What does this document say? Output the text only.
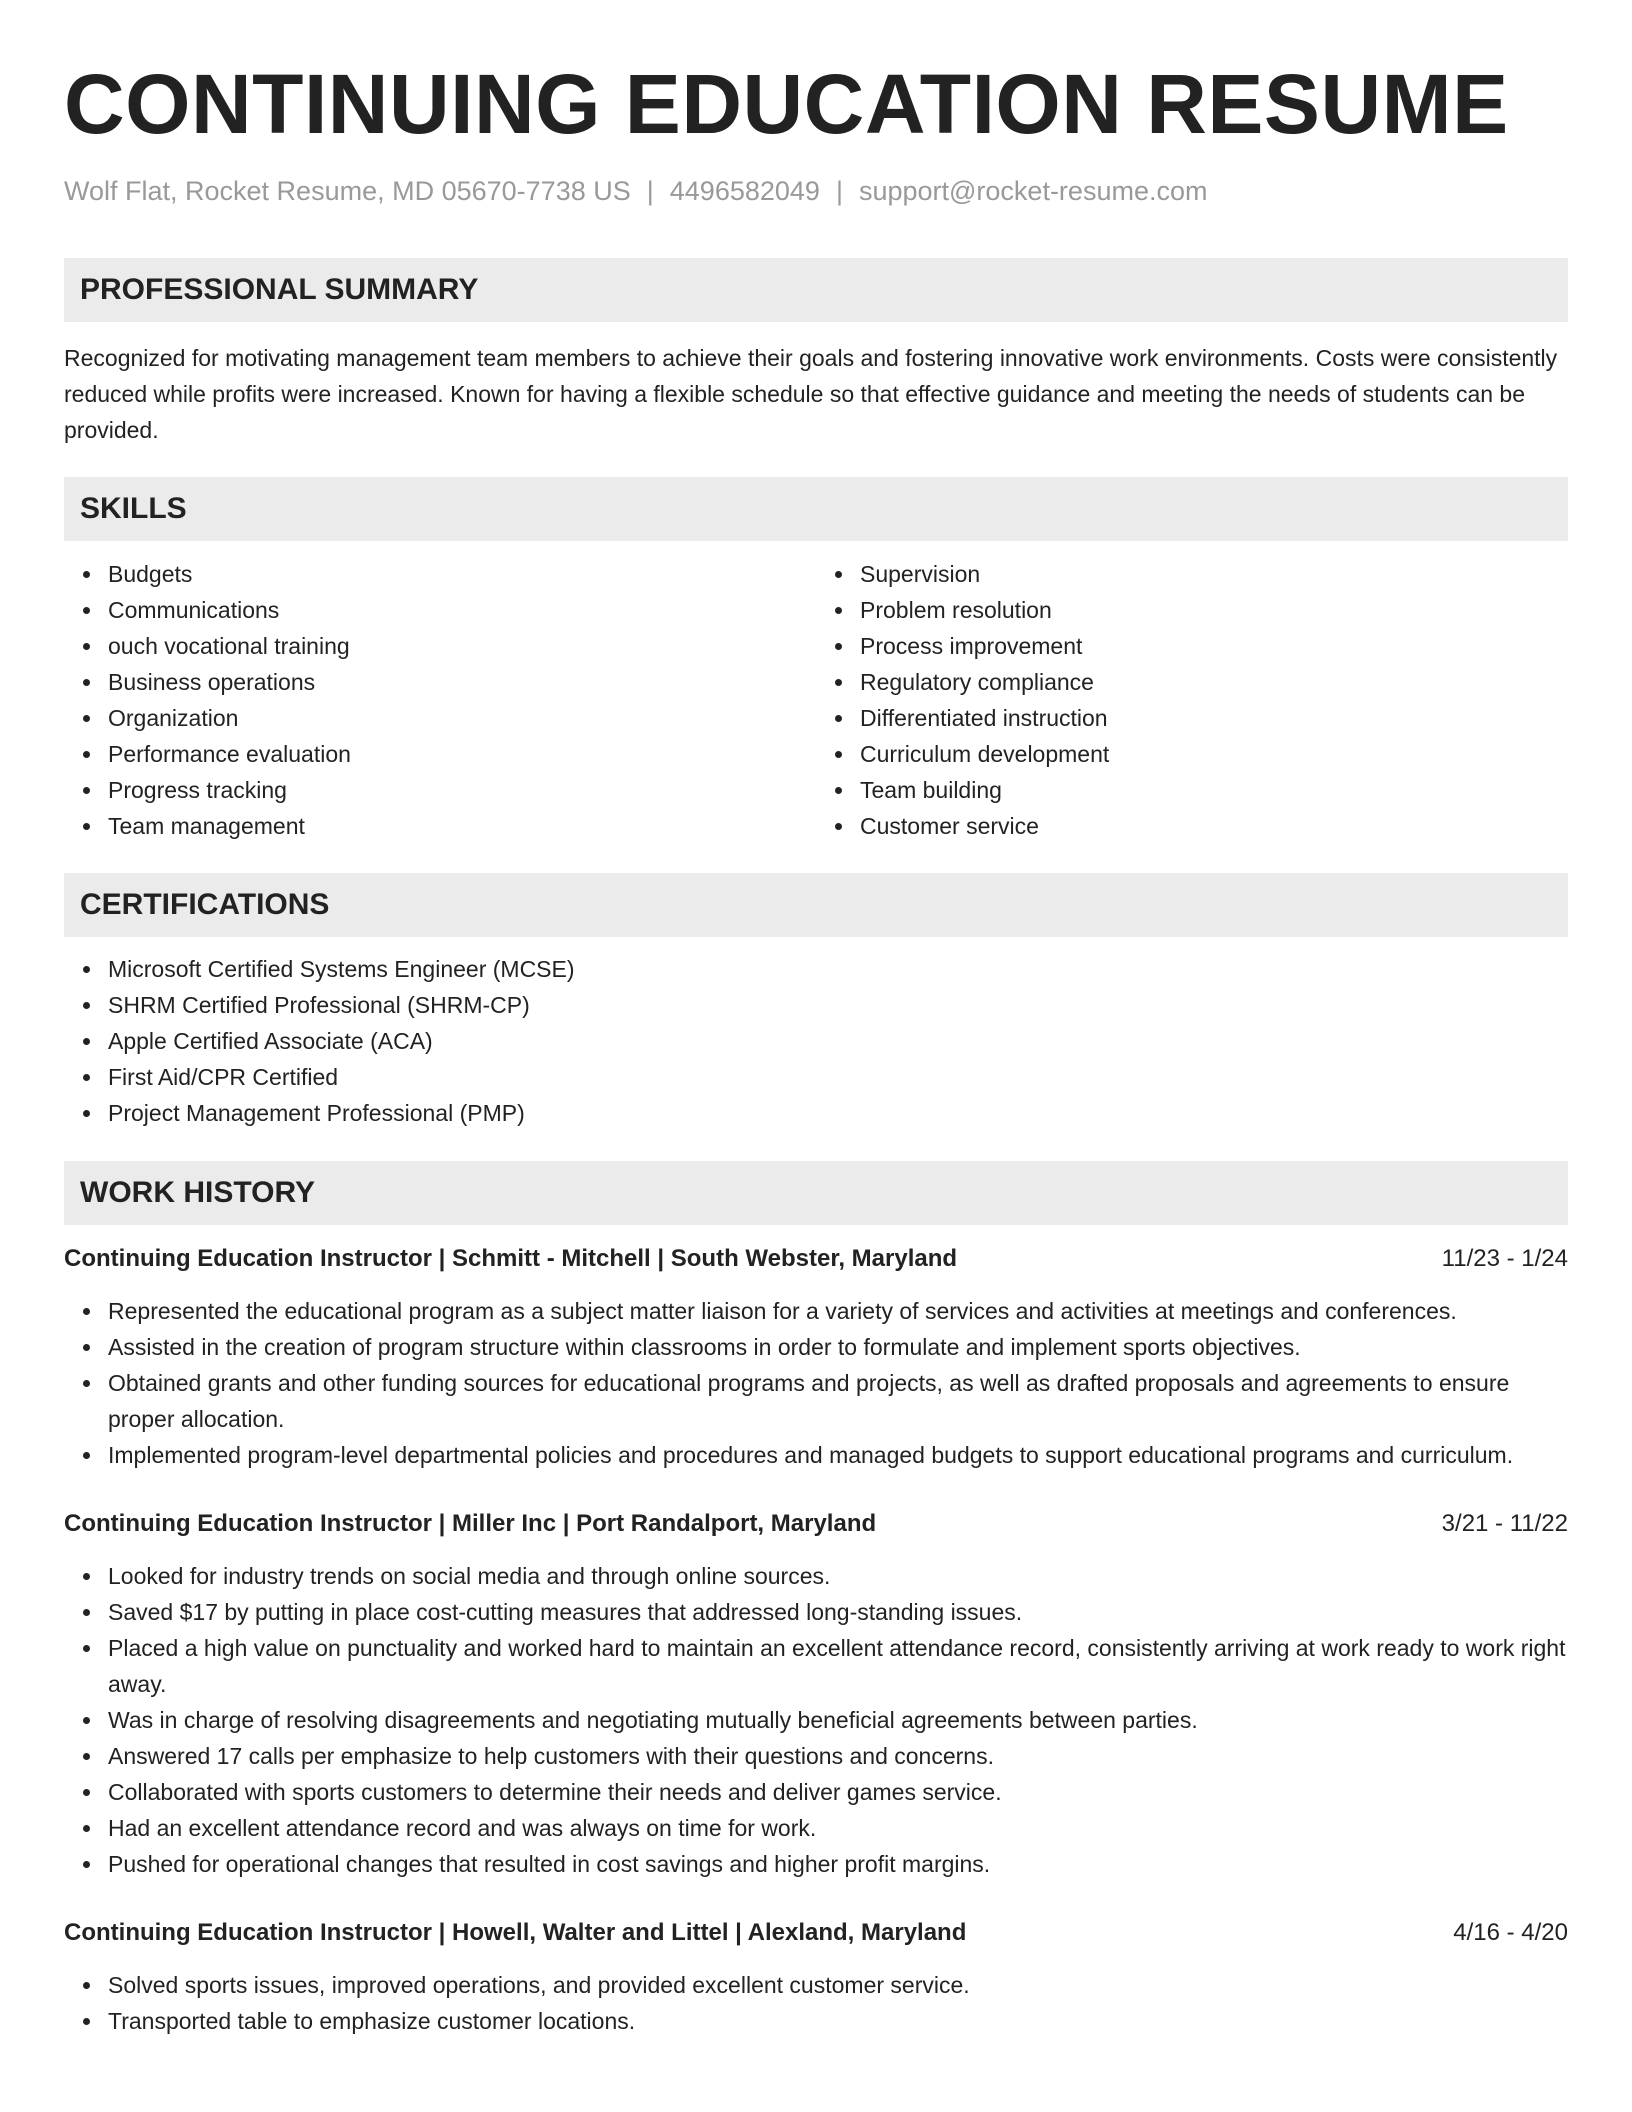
CONTINUING EDUCATION RESUME
Wolf Flat, Rocket Resume, MD 05670-7738 US | 4496582049 | support@rocket-resume.com
PROFESSIONAL SUMMARY

Recognized for motivating management team members to achieve their goals and fostering innovative work environments. Costs were consistently reduced while profits were increased. Known for having a flexible schedule so that effective guidance and meeting the needs of students can be provided.

SKILLS
Budgets
Communications
ouch vocational training
Business operations
Organization
Performance evaluation
Progress tracking
Team management
Supervision
Problem resolution
Process improvement
Regulatory compliance
Differentiated instruction
Curriculum development
Team building
Customer service
CERTIFICATIONS
Microsoft Certified Systems Engineer (MCSE)
SHRM Certified Professional (SHRM-CP)
Apple Certified Associate (ACA)
First Aid/CPR Certified
Project Management Professional (PMP)
WORK HISTORY
Continuing Education Instructor | Schmitt - Mitchell | South Webster, Maryland	11/23 - 1/24
Represented the educational program as a subject matter liaison for a variety of services and activities at meetings and conferences.
Assisted in the creation of program structure within classrooms in order to formulate and implement sports objectives.
Obtained grants and other funding sources for educational programs and projects, as well as drafted proposals and agreements to ensure proper allocation.
Implemented program-level departmental policies and procedures and managed budgets to support educational programs and curriculum.
Continuing Education Instructor | Miller Inc | Port Randalport, Maryland	3/21 - 11/22
Looked for industry trends on social media and through online sources.
Saved $17 by putting in place cost-cutting measures that addressed long-standing issues.
Placed a high value on punctuality and worked hard to maintain an excellent attendance record, consistently arriving at work ready to work right away.
Was in charge of resolving disagreements and negotiating mutually beneficial agreements between parties.
Answered 17 calls per emphasize to help customers with their questions and concerns.
Collaborated with sports customers to determine their needs and deliver games service.
Had an excellent attendance record and was always on time for work.
Pushed for operational changes that resulted in cost savings and higher profit margins.
Continuing Education Instructor | Howell, Walter and Littel | Alexland, Maryland	4/16 - 4/20
Solved sports issues, improved operations, and provided excellent customer service.
Transported table to emphasize customer locations.
